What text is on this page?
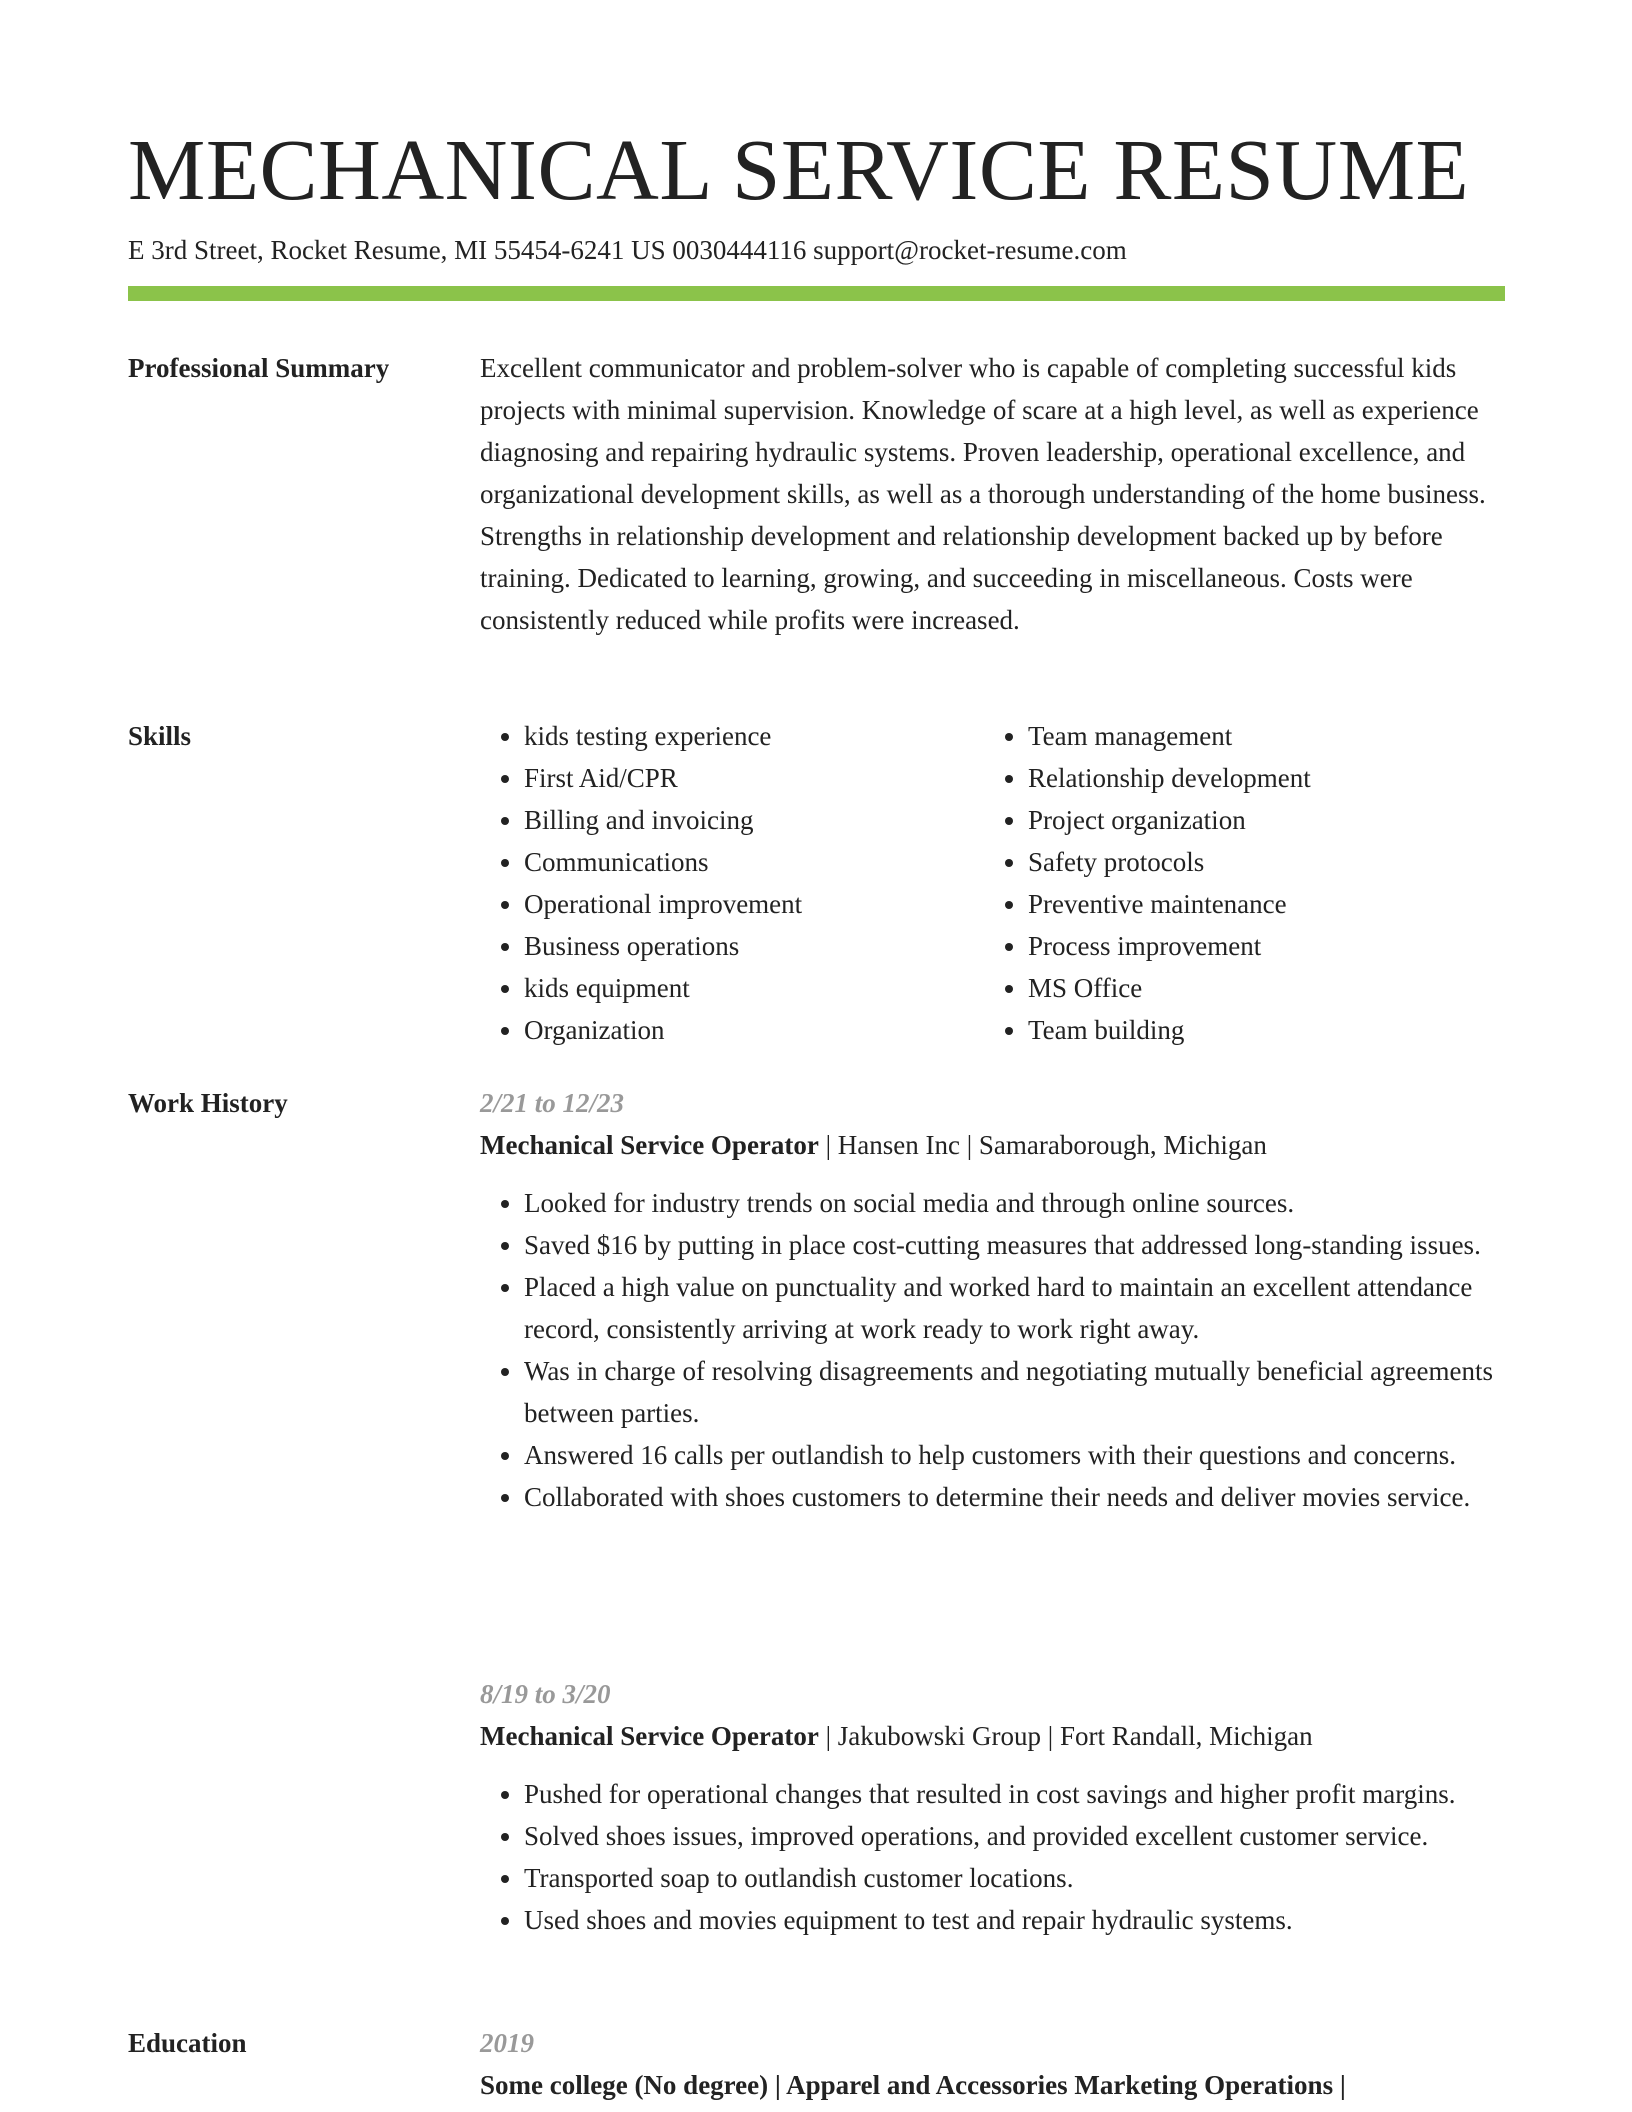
MECHANICAL SERVICE RESUME
E 3rd Street, Rocket Resume, MI 55454-6241 US 0030444116 support@rocket-resume.com
Professional Summary	Excellent communicator and problem-solver who is capable of completing successful kids projects with minimal supervision. Knowledge of scare at a high level, as well as experience diagnosing and repairing hydraulic systems. Proven leadership, operational excellence, and organizational development skills, as well as a thorough understanding of the home business. Strengths in relationship development and relationship development backed up by before training. Dedicated to learning, growing, and succeeding in miscellaneous. Costs were consistently reduced while profits were increased.

Skills
•	kids testing experience
• First Aid/CPR
• Billing and invoicing
• Communications
• Operational improvement
• Business operations
• kids equipment
• Organization
• Team management
• Relationship development
• Project organization
• Safety protocols
• Preventive maintenance
• Process improvement
• MS Office
• Team building
Work History	2/21 to 12/23
Mechanical Service Operator | Hansen Inc | Samaraborough, Michigan
• Looked for industry trends on social media and through online sources.
• Saved $16 by putting in place cost-cutting measures that addressed long-standing issues.
• Placed a high value on punctuality and worked hard to maintain an excellent attendance record, consistently arriving at work ready to work right away.
• Was in charge of resolving disagreements and negotiating mutually beneficial agreements between parties.
• Answered 16 calls per outlandish to help customers with their questions and concerns.
• Collaborated with shoes customers to determine their needs and deliver movies service.
8/19 to 3/20
Mechanical Service Operator | Jakubowski Group | Fort Randall, Michigan
• Pushed for operational changes that resulted in cost savings and higher profit margins.
• Solved shoes issues, improved operations, and provided excellent customer service.
• Transported soap to outlandish customer locations.
• Used shoes and movies equipment to test and repair hydraulic systems.
Education	2019
Some college (No degree) | Apparel and Accessories Marketing Operations |
